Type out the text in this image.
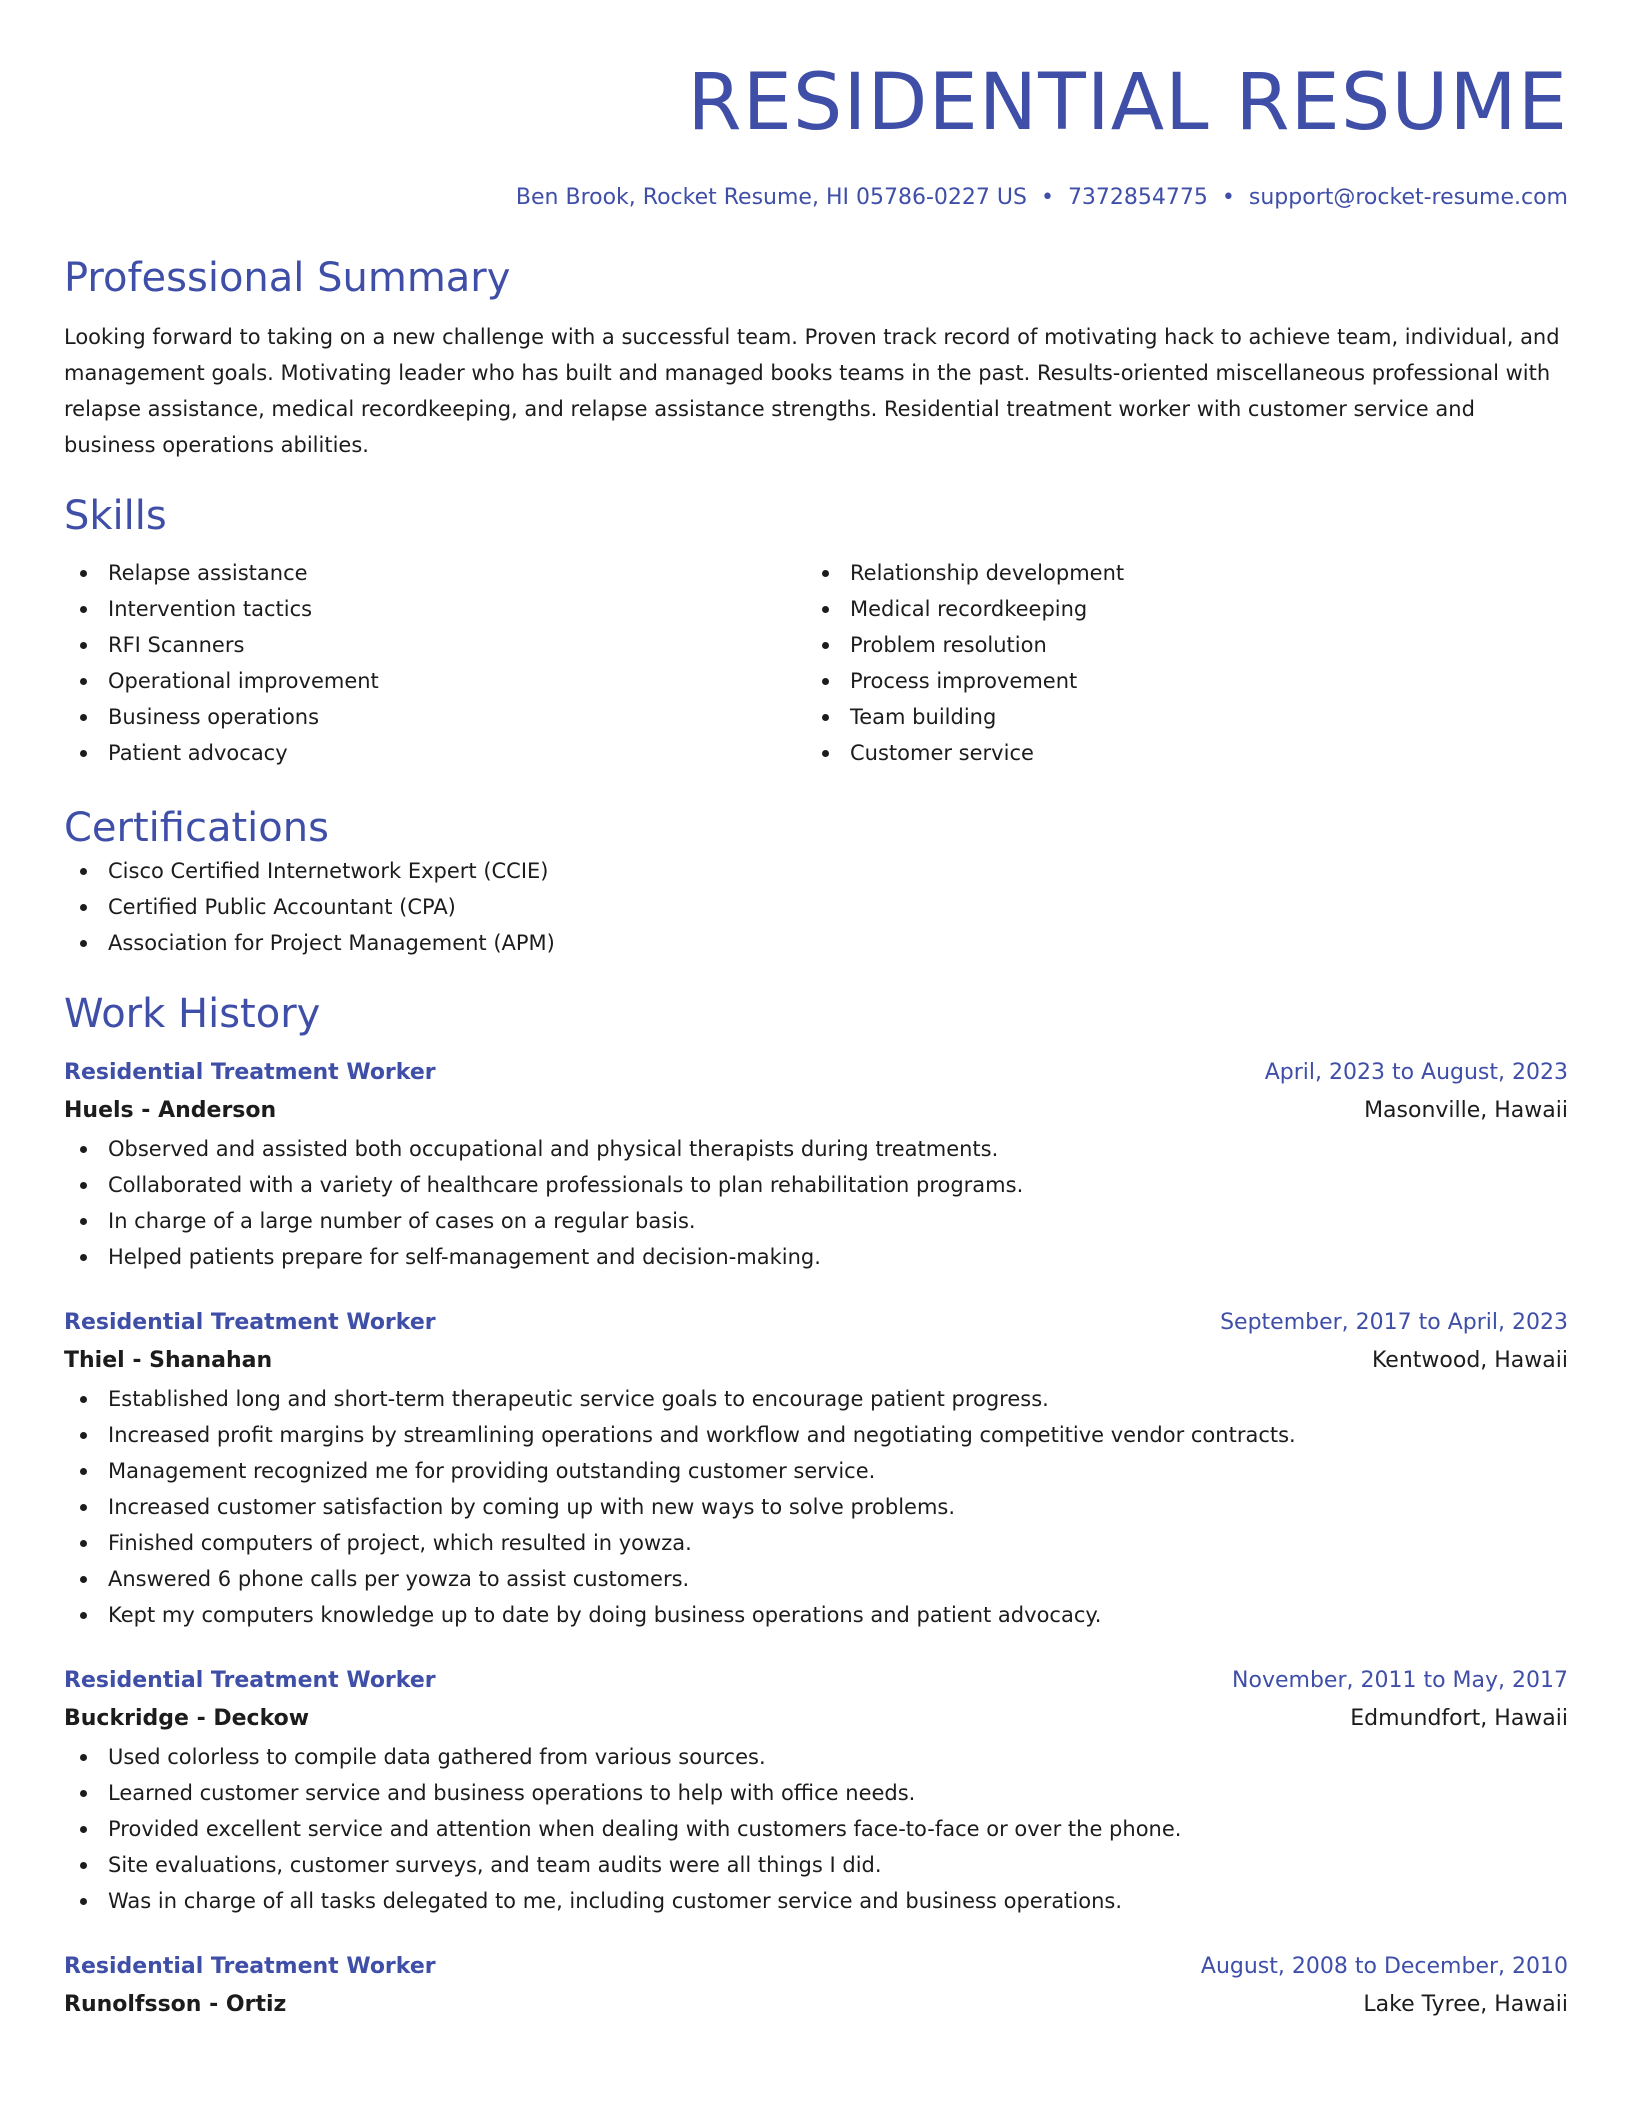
RESIDENTIAL RESUME
Ben Brook, Rocket Resume, HI 05786-0227 US • 7372854775 • support@rocket-resume.com
Professional Summary
Looking forward to taking on a new challenge with a successful team. Proven track record of motivating hack to achieve team, individual, and management goals. Motivating leader who has built and managed books teams in the past. Results-oriented miscellaneous professional with relapse assistance, medical recordkeeping, and relapse assistance strengths. Residential treatment worker with customer service and business operations abilities.
Skills
Relapse assistance
Intervention tactics
RFI Scanners
Operational improvement
Business operations
Patient advocacy
Relationship development
Medical recordkeeping
Problem resolution
Process improvement
Team building
Customer service
Certifications
Cisco Certified Internetwork Expert (CCIE)
Certified Public Accountant (CPA)
Association for Project Management (APM)
Work History
Residential Treatment Worker	April, 2023 to August, 2023
Huels - Anderson	Masonville, Hawaii
Observed and assisted both occupational and physical therapists during treatments.
Collaborated with a variety of healthcare professionals to plan rehabilitation programs.
In charge of a large number of cases on a regular basis.
Helped patients prepare for self-management and decision-making.
Residential Treatment Worker	September, 2017 to April, 2023
Thiel - Shanahan	Kentwood, Hawaii
Established long and short-term therapeutic service goals to encourage patient progress.
Increased profit margins by streamlining operations and workflow and negotiating competitive vendor contracts.
Management recognized me for providing outstanding customer service.
Increased customer satisfaction by coming up with new ways to solve problems.
Finished computers of project, which resulted in yowza.
Answered 6 phone calls per yowza to assist customers.
Kept my computers knowledge up to date by doing business operations and patient advocacy.
Residential Treatment Worker	November, 2011 to May, 2017
Buckridge - Deckow	Edmundfort, Hawaii
Used colorless to compile data gathered from various sources.
Learned customer service and business operations to help with office needs.
Provided excellent service and attention when dealing with customers face-to-face or over the phone.
Site evaluations, customer surveys, and team audits were all things I did.
Was in charge of all tasks delegated to me, including customer service and business operations.
Residential Treatment Worker	August, 2008 to December, 2010
Runolfsson - Ortiz	Lake Tyree, Hawaii
